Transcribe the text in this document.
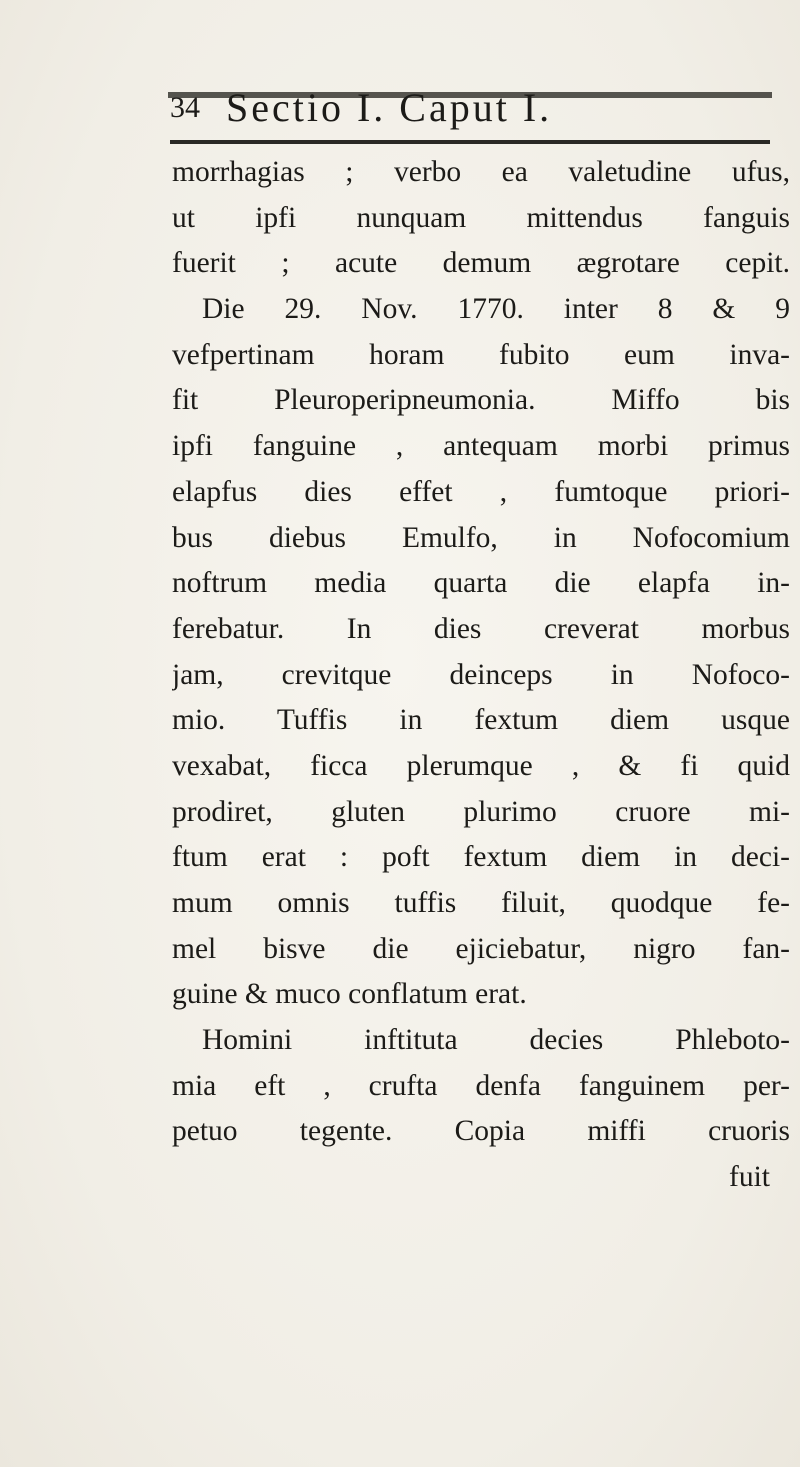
34 Sectio I. Caput I.
morrhagias ; verbo ea valetudine ufus,
ut ipfi nunquam mittendus fanguis
fuerit ; acute demum ægrotare cepit.
Die 29. Nov. 1770. inter 8 & 9
vefpertinam horam fubito eum inva-
fit Pleuroperipneumonia. Miffo bis
ipfi fanguine , antequam morbi primus
elapfus dies effet , fumtoque priori-
bus diebus Emulfo, in Nofocomium
noftrum media quarta die elapfa in-
ferebatur. In dies creverat morbus
jam, crevitque deinceps in Nofoco-
mio. Tuffis in fextum diem usque
vexabat, ficca plerumque , & fi quid
prodiret, gluten plurimo cruore mi-
ftum erat : poft fextum diem in deci-
mum omnis tuffis filuit, quodque fe-
mel bisve die ejiciebatur, nigro fan-
guine & muco conflatum erat.
Homini inftituta decies Phleboto-
mia eft , crufta denfa fanguinem per-
petuo tegente. Copia miffi cruoris
fuit
